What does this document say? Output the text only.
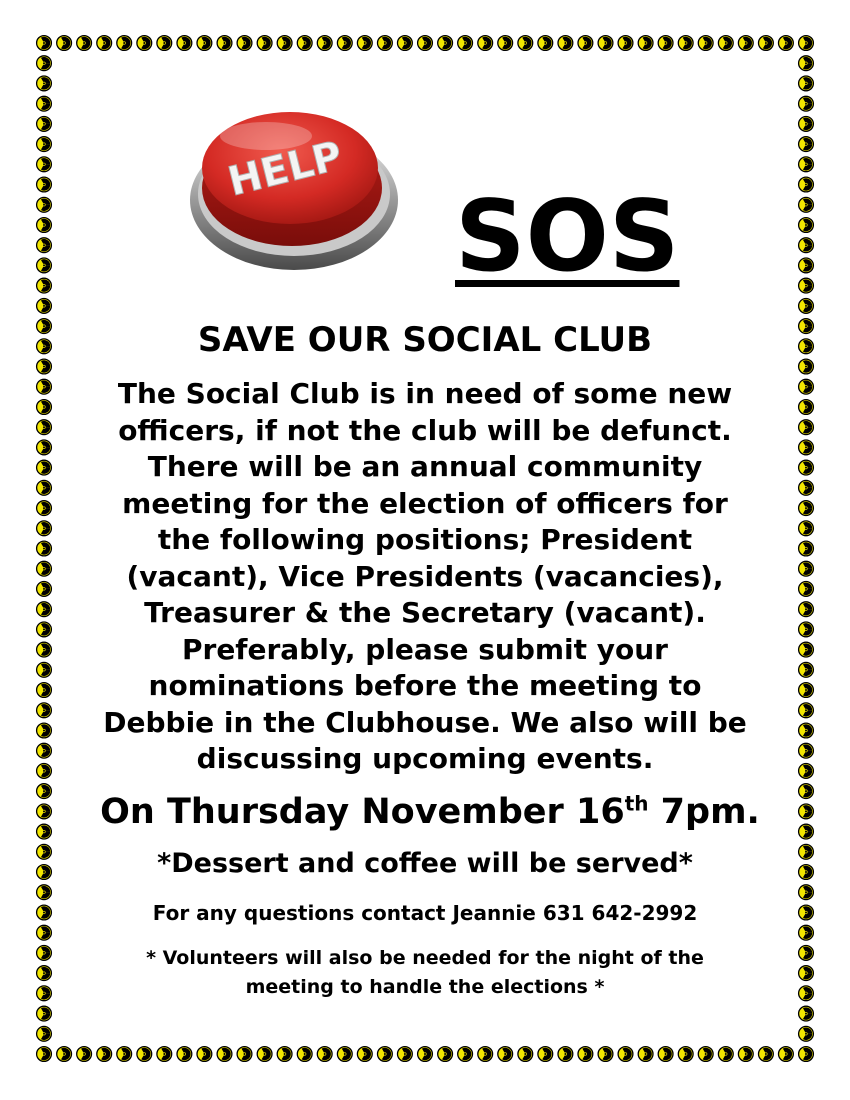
HELP
SOS
SAVE OUR SOCIAL CLUB
The Social Club is in need of some new officers, if not the club will be defunct. There will be an annual community meeting for the election of officers for the following positions; President (vacant), Vice Presidents (vacancies), Treasurer & the Secretary (vacant). Preferably, please submit your nominations before the meeting to Debbie in the Clubhouse. We also will be discussing upcoming events.
On Thursday November 16th 7pm.
*Dessert and coffee will be served*
For any questions contact Jeannie 631 642-2992
* Volunteers will also be needed for the night of the meeting to handle the elections *
